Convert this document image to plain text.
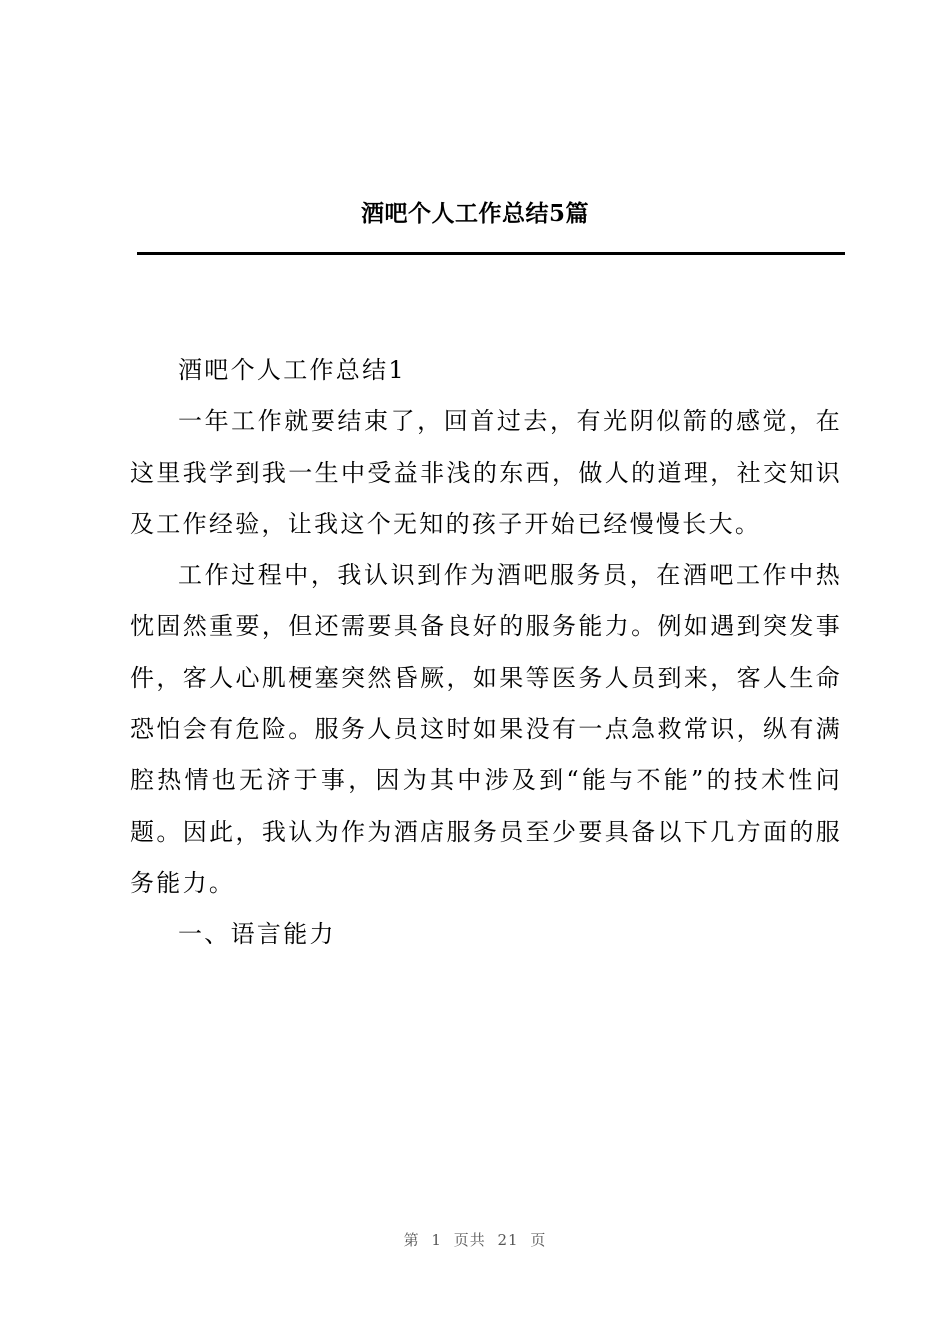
酒吧个人工作总结5篇

酒吧个人工作总结1

一年工作就要结束了，回首过去，有光阴似箭的感觉，在这里我学到我一生中受益非浅的东西，做人的道理，社交知识及工作经验，让我这个无知的孩子开始已经慢慢长大。

工作过程中，我认识到作为酒吧服务员，在酒吧工作中热忱固然重要，但还需要具备良好的服务能力。例如遇到突发事件，客人心肌梗塞突然昏厥，如果等医务人员到来，客人生命恐怕会有危险。服务人员这时如果没有一点急救常识，纵有满腔热情也无济于事，因为其中涉及到“能与不能”的技术性问题。因此，我认为作为酒店服务员至少要具备以下几方面的服务能力。

一、语言能力

第 1 页共 21 页
